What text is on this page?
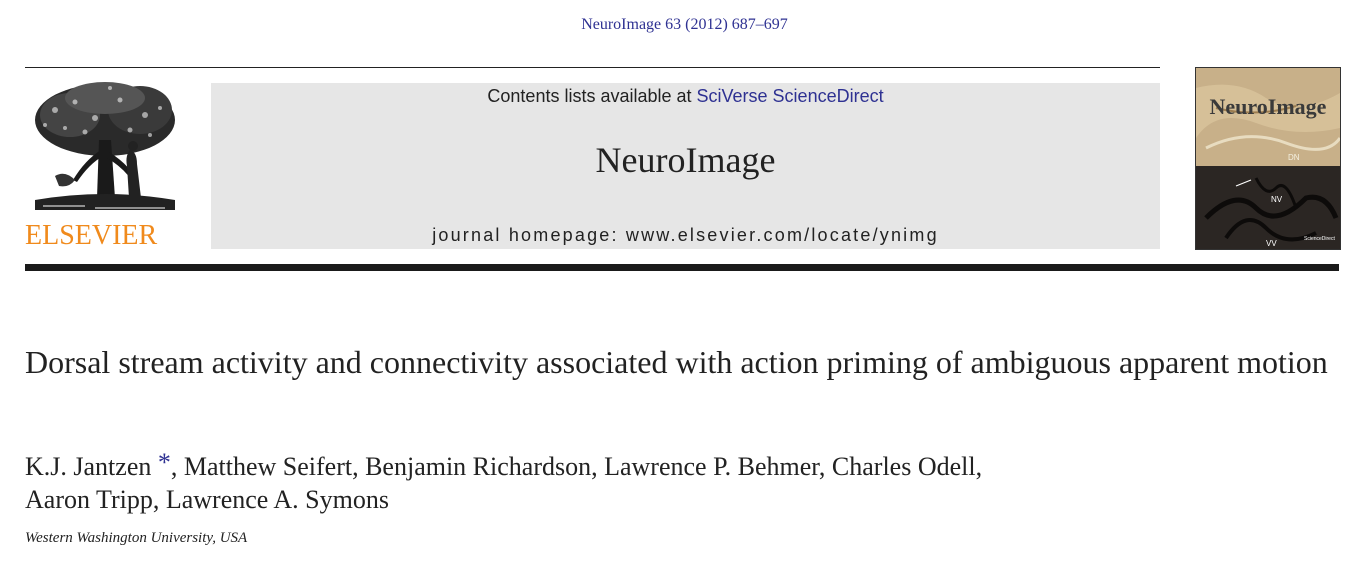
NeuroImage 63 (2012) 687–697
ELSEVIER
Contents lists available at SciVerse ScienceDirect
NeuroImage
journal homepage: www.elsevier.com/locate/ynimg
NeuroImage
DN
NV
VV	ScienceDirect
Dorsal stream activity and connectivity associated with action priming of ambiguous apparent motion
K.J. Jantzen *, Matthew Seifert, Benjamin Richardson, Lawrence P. Behmer, Charles Odell,
Aaron Tripp, Lawrence A. Symons
Western Washington University, USA
